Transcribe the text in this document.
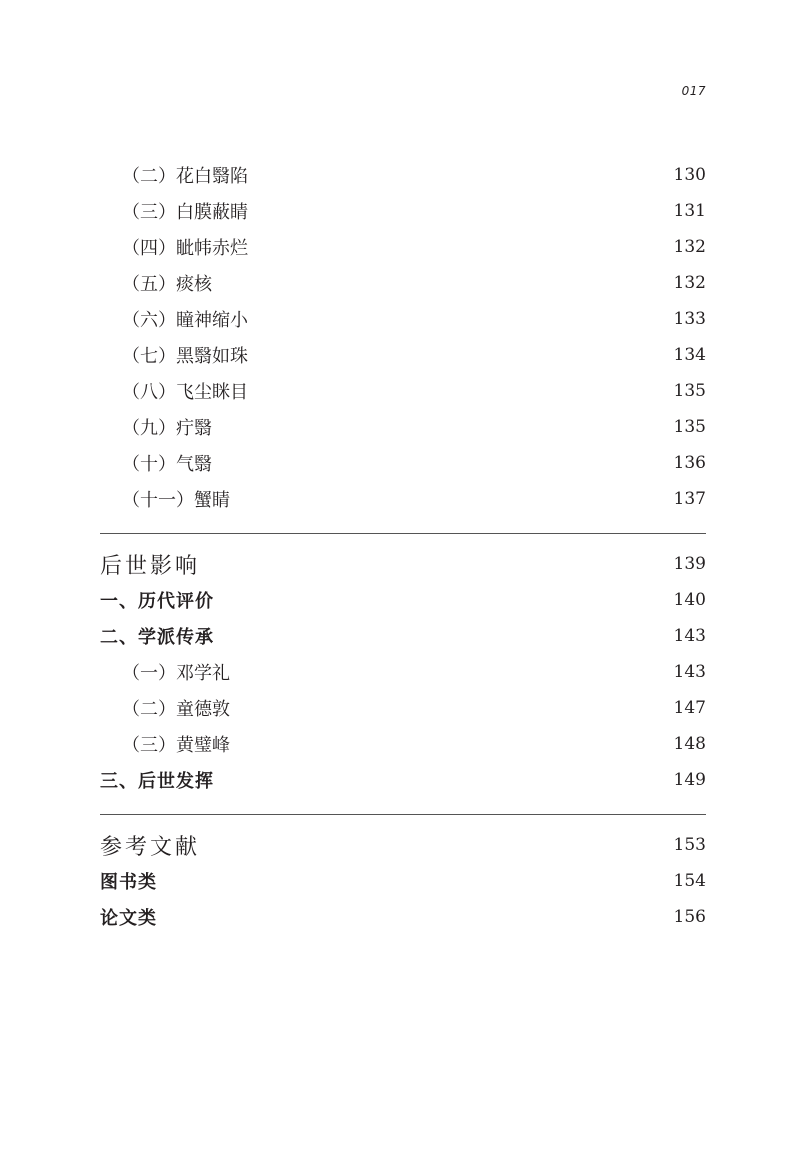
017
（二）花白翳陷	130
（三）白膜蔽睛	131
（四）眦帏赤烂	132
（五）痰核	132
（六）瞳神缩小	133
（七）黑翳如珠	134
（八）飞尘眯目	135
（九）疔翳	135
（十）气翳	136
（十一）蟹睛	137
后世影响	139
一、历代评价	140
二、学派传承	143
（一）邓学礼	143
（二）童德敦	147
（三）黄璧峰	148
三、后世发挥	149
参考文献	153
图书类	154
论文类	156
